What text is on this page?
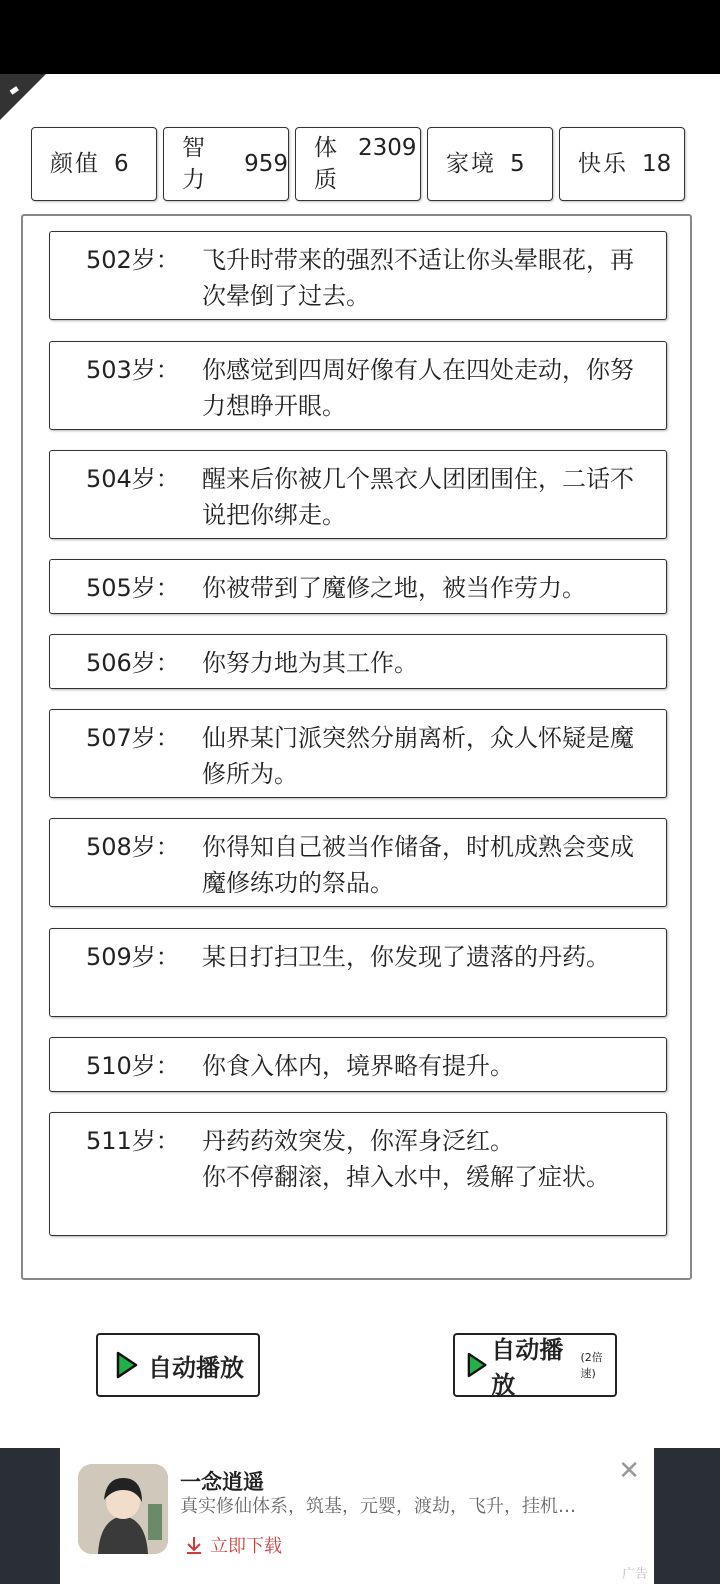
颜值 6
智力
959
体质
2309
家境 5 快乐 18
502岁： 飞升时带来的强烈不适让你头晕眼花，再次晕倒了过去。
503岁： 你感觉到四周好像有人在四处走动，你努力想睁开眼。
504岁： 醒来后你被几个黑衣人团团围住，二话不说把你绑走。
505岁： 你被带到了魔修之地，被当作劳力。
506岁： 你努力地为其工作。
507岁： 仙界某门派突然分崩离析，众人怀疑是魔修所为。
508岁： 你得知自己被当作储备，时机成熟会变成魔修练功的祭品。
509岁： 某日打扫卫生，你发现了遗落的丹药。
510岁： 你食入体内，境界略有提升。
511岁： 丹药药效突发，你浑身泛红。
你不停翻滚，掉入水中，缓解了症状。
自动播放
自动播放
(2倍速)
一念逍遥
真实修仙体系，筑基，元婴，渡劫，飞升，挂机…
立即下载
✕
广告
